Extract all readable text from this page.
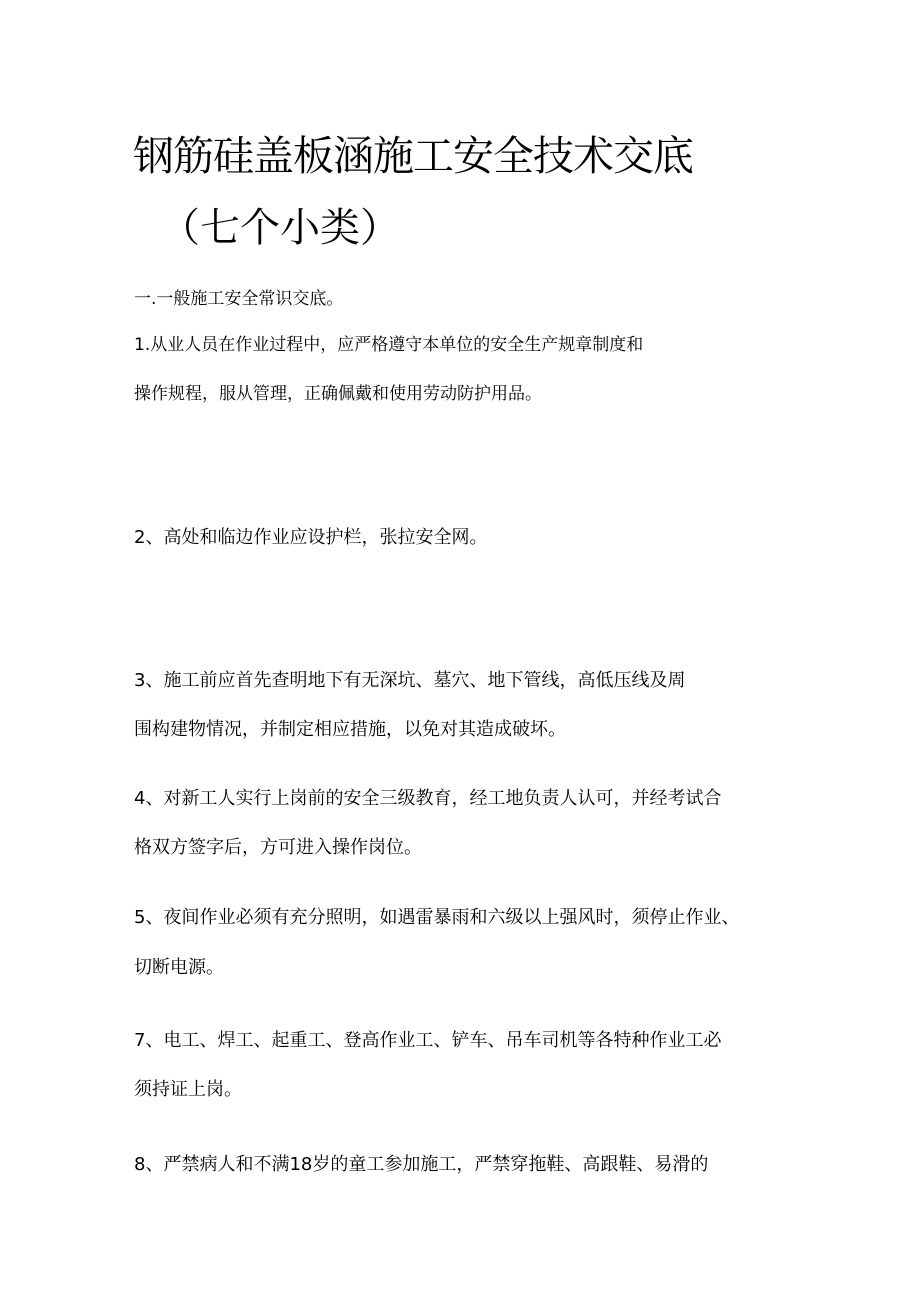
钢筋硅盖板涵施工安全技术交底
（七个小类）
一.一般施工安全常识交底。
1.从业人员在作业过程中，应严格遵守本单位的安全生产规章制度和
操作规程，服从管理，正确佩戴和使用劳动防护用品。
2、高处和临边作业应设护栏，张拉安全网。
3、施工前应首先查明地下有无深坑、墓穴、地下管线，高低压线及周
围构建物情况，并制定相应措施，以免对其造成破坏。
4、对新工人实行上岗前的安全三级教育，经工地负责人认可，并经考试合
格双方签字后，方可进入操作岗位。
5、夜间作业必须有充分照明，如遇雷暴雨和六级以上强风时，须停止作业、
切断电源。
7、电工、焊工、起重工、登高作业工、铲车、吊车司机等各特种作业工必
须持证上岗。
8、严禁病人和不满18岁的童工参加施工，严禁穿拖鞋、高跟鞋、易滑的
